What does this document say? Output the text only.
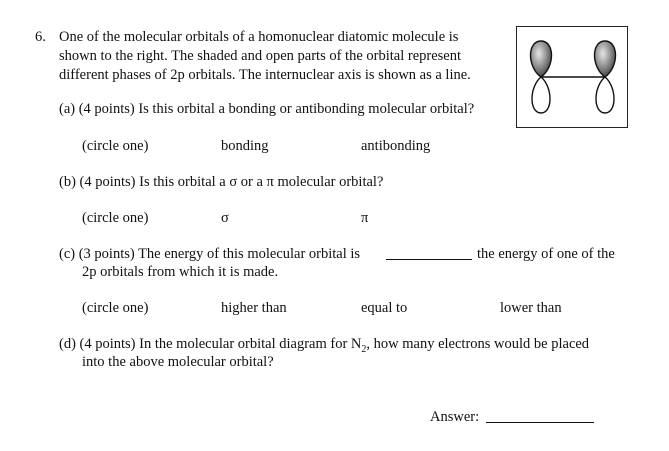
6. One of the molecular orbitals of a homonuclear diatomic molecule is
shown to the right. The shaded and open parts of the orbital represent
different phases of 2p orbitals. The internuclear axis is shown as a line.
(a) (4 points) Is this orbital a bonding or antibonding molecular orbital?
(circle one)	bonding	antibonding
(b) (4 points) Is this orbital a σ or a π molecular orbital?
(circle one)	σ	π
(c) (3 points) The energy of this molecular orbital is	the energy of one of the
2p orbitals from which it is made.
(circle one)	higher than	equal to	lower than
(d) (4 points) In the molecular orbital diagram for $N_2$, how many electrons would be placed
into the above molecular orbital?
Answer:
